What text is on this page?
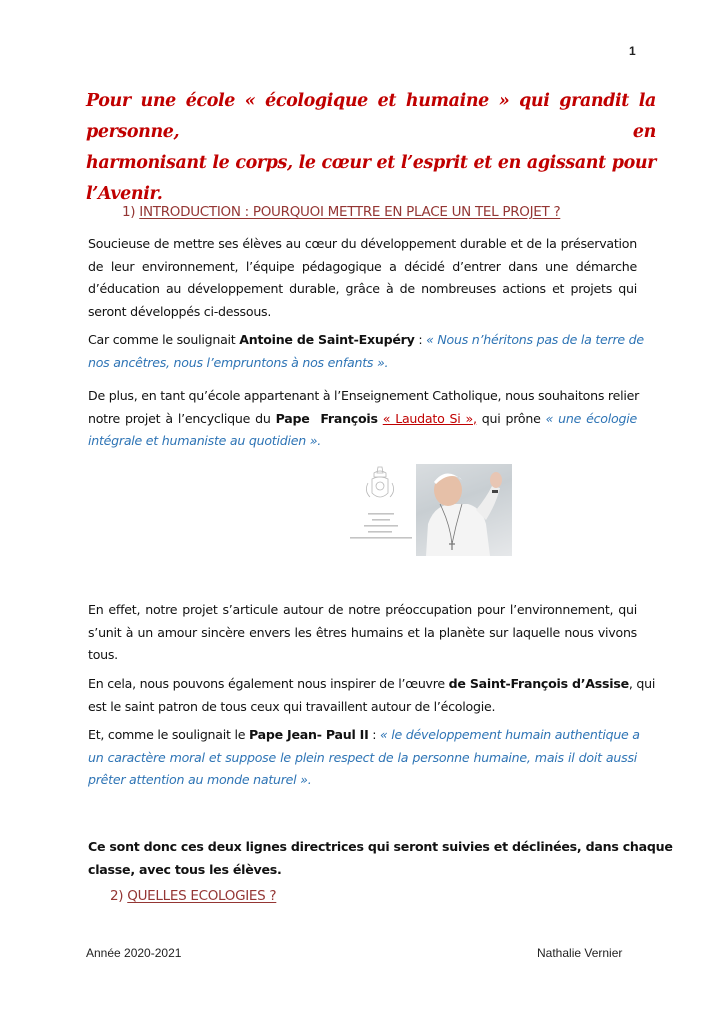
1
Pour une école « écologique et humaine » qui grandit la personne, en
harmonisant le corps, le cœur et l’esprit et en agissant pour l’Avenir.
1) INTRODUCTION : POURQUOI METTRE EN PLACE UN TEL PROJET ?
Soucieuse de mettre ses élèves au cœur du développement durable et de la préservation
de leur environnement, l’équipe pédagogique a décidé d’entrer dans une démarche
d’éducation au développement durable, grâce à de nombreuses actions et projets qui
seront développés ci-dessous.
Car comme le soulignait Antoine de Saint-Exupéry : « Nous n’héritons pas de la terre de
nos ancêtres, nous l’empruntons à nos enfants ».
De plus, en tant qu’école appartenant à l’Enseignement Catholique, nous souhaitons relier
notre projet à l’encyclique du Pape  François « Laudato Si », qui prône « une écologie
intégrale et humaniste au quotidien ».
En effet, notre projet s’articule autour de notre préoccupation pour l’environnement, qui
s’unit à un amour sincère envers les êtres humains et la planète sur laquelle nous vivons
tous.
En cela, nous pouvons également nous inspirer de l’œuvre de Saint-François d’Assise, qui
est le saint patron de tous ceux qui travaillent autour de l’écologie.
Et, comme le soulignait le Pape Jean- Paul II : « le développement humain authentique a
un caractère moral et suppose le plein respect de la personne humaine, mais il doit aussi
prêter attention au monde naturel ».
Ce sont donc ces deux lignes directrices qui seront suivies et déclinées, dans chaque
classe, avec tous les élèves.
2) QUELLES ECOLOGIES ?
Année 2020-2021	Nathalie Vernier
